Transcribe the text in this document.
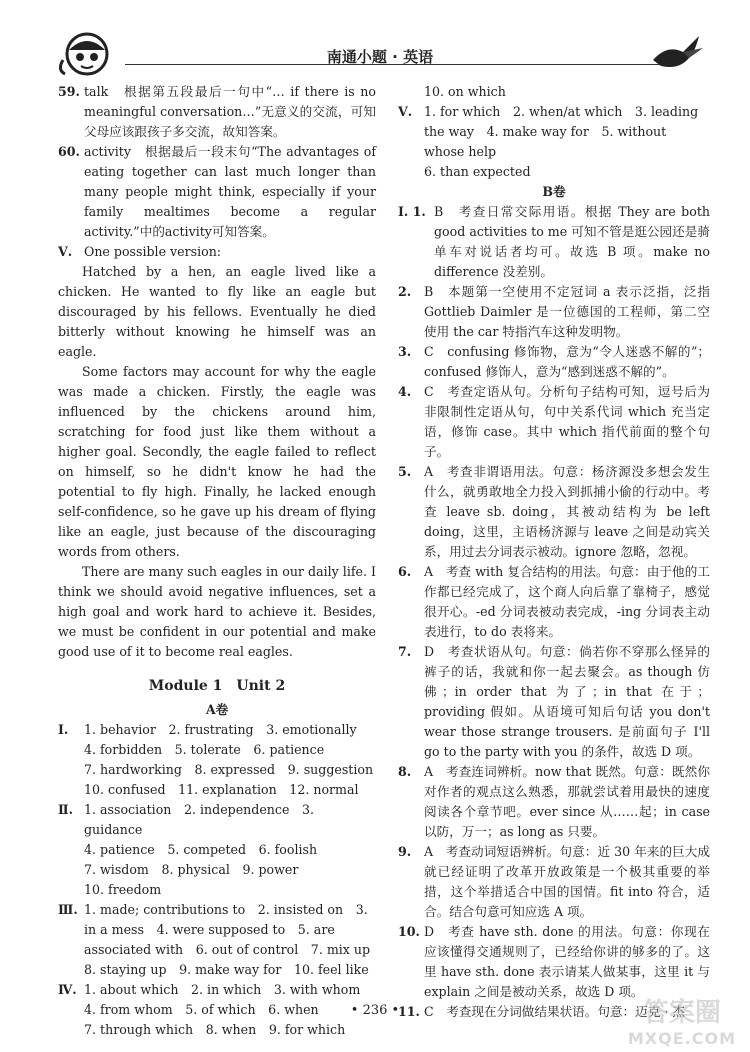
南通小题 · 英语
59. talk　根据第五段最后一句中“… if there is no meaningful conversation…”无意义的交流，可知父母应该跟孩子多交流，故知答案。
60. activity　根据最后一段末句“The advantages of eating together can last much longer than many people might think, especially if your family mealtimes become a regular activity.”中的activity可知答案。
Ⅴ. One possible version:

Hatched by a hen, an eagle lived like a chicken. He wanted to fly like an eagle but discouraged by his fellows. Eventually he died bitterly without knowing he himself was an eagle.

Some factors may account for why the eagle was made a chicken. Firstly, the eagle was influenced by the chickens around him, scratching for food just like them without a higher goal. Secondly, the eagle failed to reflect on himself, so he didn't know he had the potential to fly high. Finally, he lacked enough self-confidence, so he gave up his dream of flying like an eagle, just because of the discouraging words from others.

There are many such eagles in our daily life. I think we should avoid negative influences, set a high goal and work hard to achieve it. Besides, we must be confident in our potential and make good use of it to become real eagles.

Module 1　Unit 2
A卷
Ⅰ. 1. behavior　2. frustrating　3. emotionally
4. forbidden　5. tolerate　6. patience
7. hardworking　8. expressed　9. suggestion
10. confused　11. explanation　12. normal
Ⅱ. 1. association　2. independence　3. guidance
4. patience　5. competed　6. foolish
7. wisdom　8. physical　9. power
10. freedom
Ⅲ. 1. made; contributions to　2. insisted on　3. in a mess　4. were supposed to　5. are associated with　6. out of control　7. mix up
8. staying up　9. make way for　10. feel like
Ⅳ. 1. about which　2. in which　3. with whom
4. from whom　5. of which　6. when
7. through which　8. when　9. for which
10. on which
Ⅴ. 1. for which　2. when/at which　3. leading the way　4. make way for　5. without whose help
6. than expected
B卷
Ⅰ. 1. B　考查日常交际用语。根据 They are both good activities to me 可知不管是逛公园还是骑单车对说话者均可。故选 B 项。make no difference 没差别。
2. B　本题第一空使用不定冠词 a 表示泛指，泛指 Gottlieb Daimler 是一位德国的工程师，第二空使用 the car 特指汽车这种发明物。
3. C　confusing 修饰物，意为“令人迷惑不解的”；confused 修饰人，意为“感到迷惑不解的”。
4. C　考查定语从句。分析句子结构可知，逗号后为非限制性定语从句，句中关系代词 which 充当定语，修饰 case。其中 which 指代前面的整个句子。
5. A　考查非谓语用法。句意：杨济源没多想会发生什么，就勇敢地全力投入到抓捕小偷的行动中。考查 leave sb. doing，其被动结构为 be left doing，这里，主语杨济源与 leave 之间是动宾关系，用过去分词表示被动。ignore 忽略，忽视。
6. A　考查 with 复合结构的用法。句意：由于他的工作都已经完成了，这个商人向后靠了靠椅子，感觉很开心。-ed 分词表被动表完成，-ing 分词表主动表进行，to do 表将来。
7. D　考查状语从句。句意：倘若你不穿那么怪异的裤子的话，我就和你一起去聚会。as though 仿佛；in order that 为了；in that 在于；providing 假如。从语境可知后句话 you don't wear those strange trousers. 是前面句子 I'll go to the party with you 的条件，故选 D 项。
8. A　考查连词辨析。now that 既然。句意：既然你对作者的观点这么熟悉，那就尝试着用最快的速度阅读各个章节吧。ever since 从……起；in case 以防，万一；as long as 只要。
9. A　考查动词短语辨析。句意：近 30 年来的巨大成就已经证明了改革开放政策是一个极其重要的举措，这个举措适合中国的国情。fit into 符合，适合。结合句意可知应选 A 项。
10. D　考查 have sth. done 的用法。句意：你现在应该懂得交通规则了，已经给你讲的够多的了。这里 have sth. done 表示请某人做某事，这里 it 与 explain 之间是被动关系，故选 D 项。
11. C　考查现在分词做结果状语。句意：迈克 · 杰
• 236 •	答案圈
MXQE.COM
